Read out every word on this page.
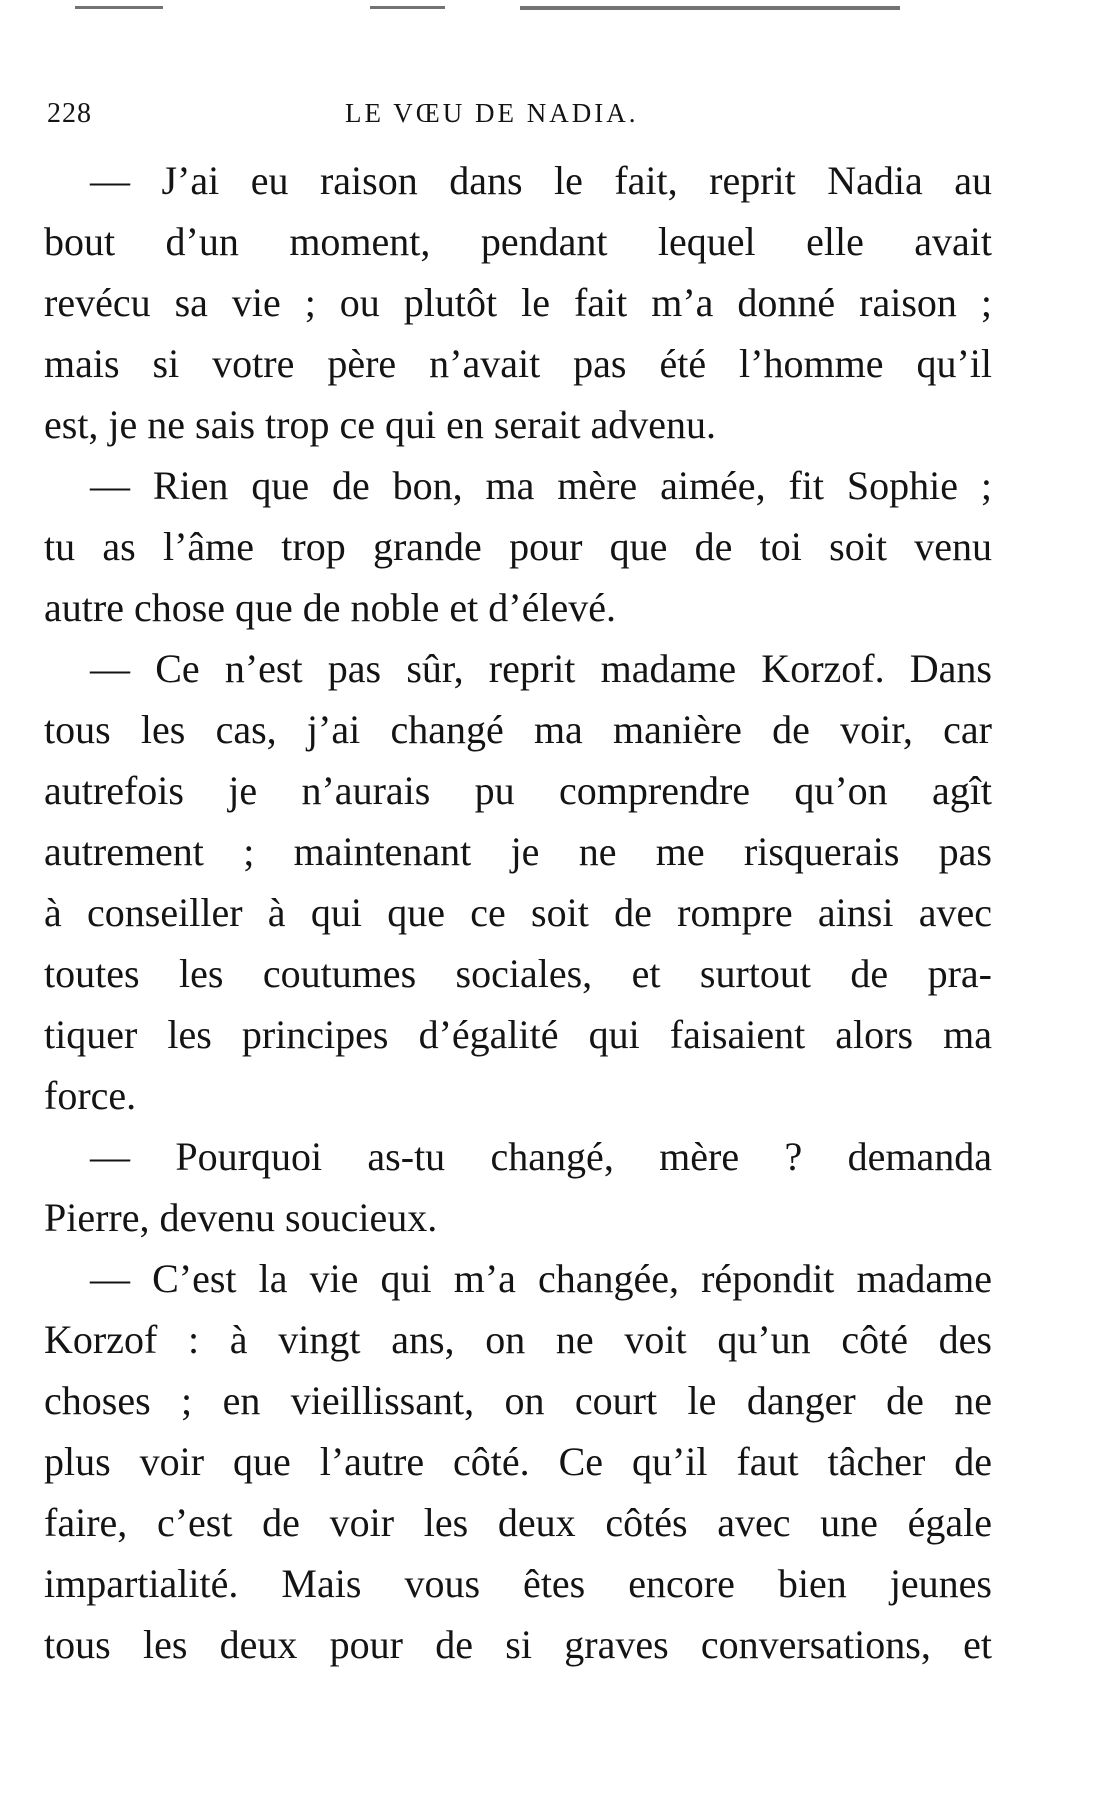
228	LE VŒU DE NADIA.
— J’ai eu raison dans le fait, reprit Nadia au
bout d’un moment, pendant lequel elle avait
revécu sa vie ; ou plutôt le fait m’a donné raison ;
mais si votre père n’avait pas été l’homme qu’il
est, je ne sais trop ce qui en serait advenu.
— Rien que de bon, ma mère aimée, fit Sophie ;
tu as l’âme trop grande pour que de toi soit venu
autre chose que de noble et d’élevé.
— Ce n’est pas sûr, reprit madame Korzof. Dans
tous les cas, j’ai changé ma manière de voir, car
autrefois je n’aurais pu comprendre qu’on agît
autrement ; maintenant je ne me risquerais pas
à conseiller à qui que ce soit de rompre ainsi avec
toutes les coutumes sociales, et surtout de pra-
tiquer les principes d’égalité qui faisaient alors ma
force.
— Pourquoi as-tu changé, mère ? demanda
Pierre, devenu soucieux.
— C’est la vie qui m’a changée, répondit madame
Korzof : à vingt ans, on ne voit qu’un côté des
choses ; en vieillissant, on court le danger de ne
plus voir que l’autre côté. Ce qu’il faut tâcher de
faire, c’est de voir les deux côtés avec une égale
impartialité. Mais vous êtes encore bien jeunes
tous les deux pour de si graves conversations, et
